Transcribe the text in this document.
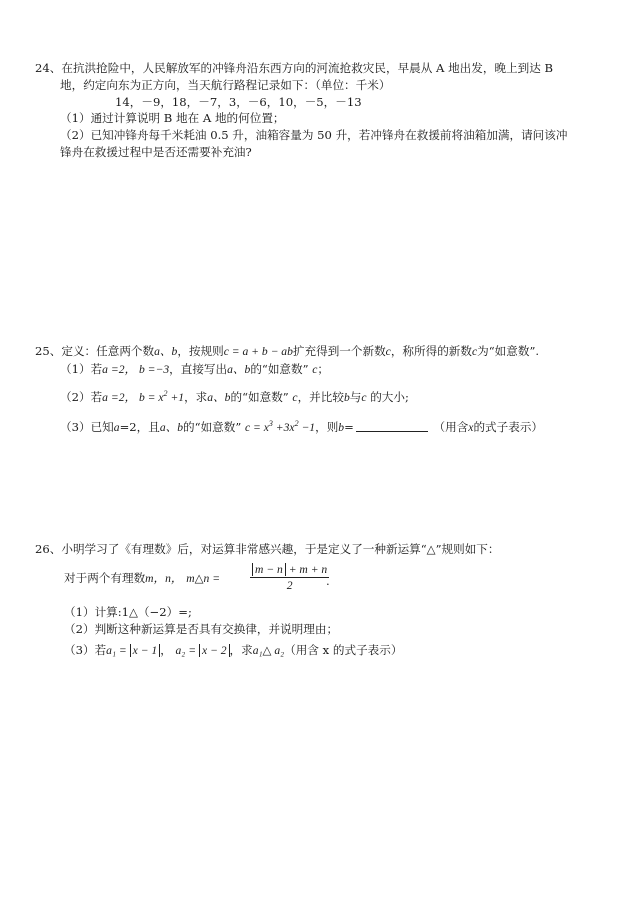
24、在抗洪抢险中，人民解放军的冲锋舟沿东西方向的河流抢救灾民，早晨从 A 地出发，晚上到达 B
地，约定向东为正方向，当天航行路程记录如下：（单位：千米）
14，－9，18，－7，3，－6，10，－5，－13
（1）通过计算说明 B 地在 A 地的何位置；
（2）已知冲锋舟每千米耗油 0.5 升，油箱容量为 50 升，若冲锋舟在救援前将油箱加满，请问该冲
锋舟在救援过程中是否还需要补充油?
25、定义：任意两个数a、b，按规则c = a + b − ab扩充得到一个新数c，称所得的新数c为“如意数”.
（1）若a =2， b =−3，直接写出a、b的“如意数” c；
（2）若a =2， $b = x^2 +1$，求a、b的“如意数” c，并比较b与c 的大小;
（3）已知a=2，且a、b的“如意数” $c = x^3 +3x^2 -1$，则b=	（用含x的式子表示）
26、小明学习了《有理数》后，对运算非常感兴趣，于是定义了一种新运算“△”规则如下：
对于两个有理数m，n， m△n =	$\frac{m - n + m + n}{2}$
.
（1）计算:1△（−2）=;
（2）判断这种新运算是否具有交换律，并说明理由；
（3）若a₁ = x − 1 ， a₂ = x − 2 ，求a₁△ a₂（用含 x 的式子表示）
